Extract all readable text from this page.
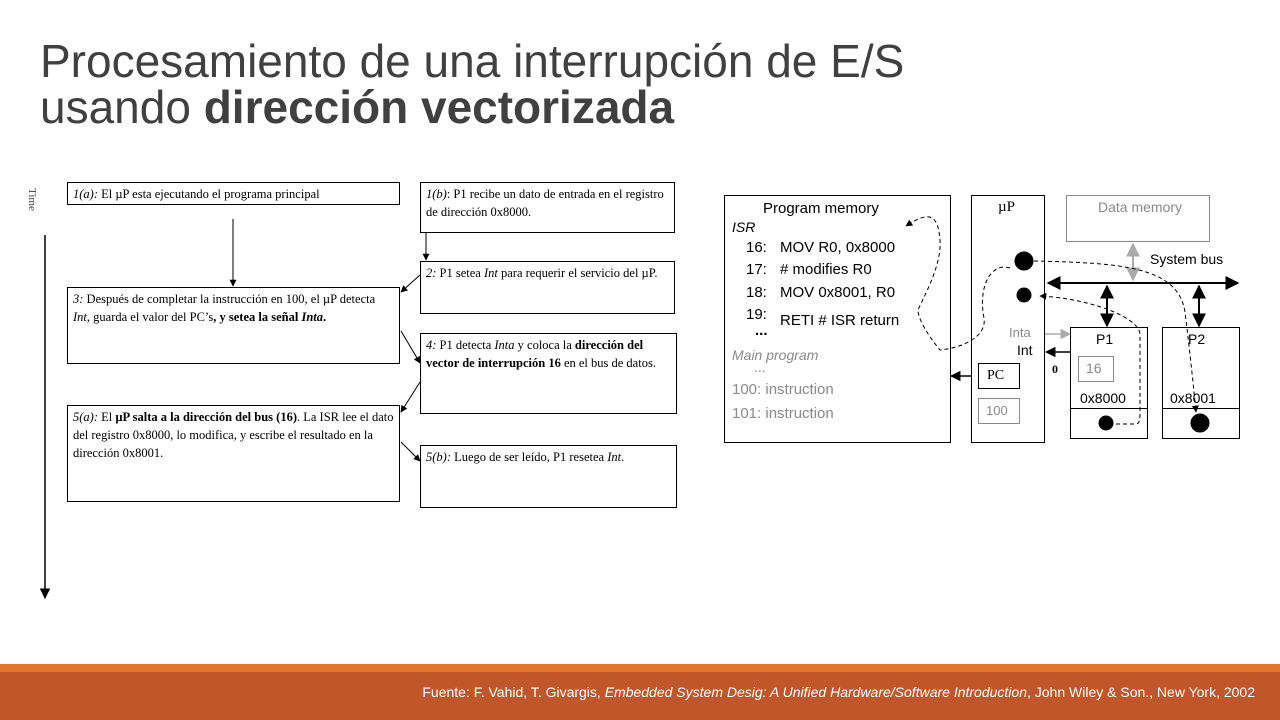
Procesamiento de una interrupción de E/S
usando dirección vectorizada
Time	1(a): El µP esta ejecutando el programa principal	1(b): P1 recibe un dato de entrada en el registro de dirección 0x8000.
2: P1 setea Int para requerir el servicio del µP.
3: Después de completar la instrucción en 100, el µP detecta Int, guarda el valor del PC’s, y setea la señal Inta.
4: P1 detecta Inta y coloca la dirección del vector de interrupción 16 en el bus de datos.
5(a): El µP salta a la dirección del bus (16). La ISR lee el dato del registro 0x8000, lo modifica, y escribe el resultado en la dirección 0x8001.	5(b): Luego de ser leído, P1 resetea Int.
Program memory
ISR
16: MOV R0, 0x8000
17: # modifies R0
18: MOV 0x8001, R0
19: RETI # ISR return
...
Main program
...
100: instruction
101: instruction
µP	Data memory
System bus
Inta
Int
0
PC
100
P1
16
0x8000
P2
0x8001
Fuente: F. Vahid, T. Givargis, Embedded System Desig: A Unified Hardware/Software Introduction, John Wiley & Son., New York, 2002
